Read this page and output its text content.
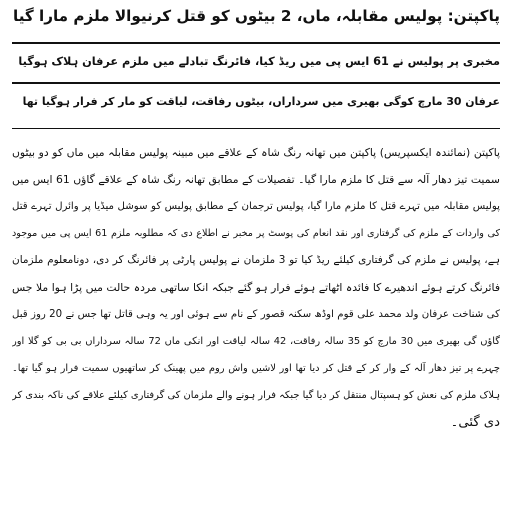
پاکپتن: پولیس مقابلہ، ماں، 2 بیٹوں کو قتل کرنیوالا ملزم مارا گیا
مخبری پر پولیس نے 61 ایس پی میں ریڈ کیا، فائرنگ تبادلے میں ملزم عرفان ہلاک ہوگیا
عرفان 30 مارچ کوگی بھیری میں سرداراں، بیٹوں رفاقت، لیاقت کو مار کر فرار ہوگیا تھا
پاکپتن (نمائندہ ایکسپریس) پاکپتن میں تھانہ رنگ شاہ کے علاقے میں مبینہ پولیس مقابلہ میں ماں کو دو بیٹوں
سمیت تیز دھار آلہ سے قتل کا ملزم مارا گیا۔ تفصیلات کے مطابق تھانہ رنگ شاہ کے علاقے گاؤں 61 ایس میں
پولیس مقابلہ میں تہرے قتل کا ملزم مارا گیا، پولیس ترجمان کے مطابق پولیس کو سوشل میڈیا پر وائرل تہرے قتل
کی واردات کے ملزم کی گرفتاری اور نقد انعام کی پوسٹ پر مخبر نے اطلاع دی کہ مطلوبہ ملزم 61 ایس پی میں موجود
ہے، پولیس نے ملزم کی گرفتاری کیلئے ریڈ کیا تو 3 ملزمان نے پولیس پارٹی پر فائرنگ کر دی، دونامعلوم ملزمان
فائرنگ کرتے ہوئے اندھیرے کا فائدہ اٹھاتے ہوئے فرار ہو گئے جبکہ انکا ساتھی مردہ حالت میں پڑا ہوا ملا جس
کی شناخت عرفان ولد محمد علی قوم اوڈھ سکنہ قصور کے نام سے ہوئی اور یہ وہی قاتل تھا جس نے 20 روز قبل
گاؤں گی بھیری میں 30 مارچ کو 35 سالہ رفاقت، 42 سالہ لیاقت اور انکی ماں 72 سالہ سرداراں بی بی کو گلا اور
چہرے پر تیز دھار آلہ کے وار کر کے قتل کر دیا تھا اور لاشیں واش روم میں پھینک کر ساتھیوں سمیت فرار ہو گیا تھا۔
ہلاک ملزم کی نعش کو ہسپتال منتقل کر دیا گیا جبکہ فرار ہونے والے ملزمان کی گرفتاری کیلئے علاقے کی ناکہ بندی کر
دی گئی۔
